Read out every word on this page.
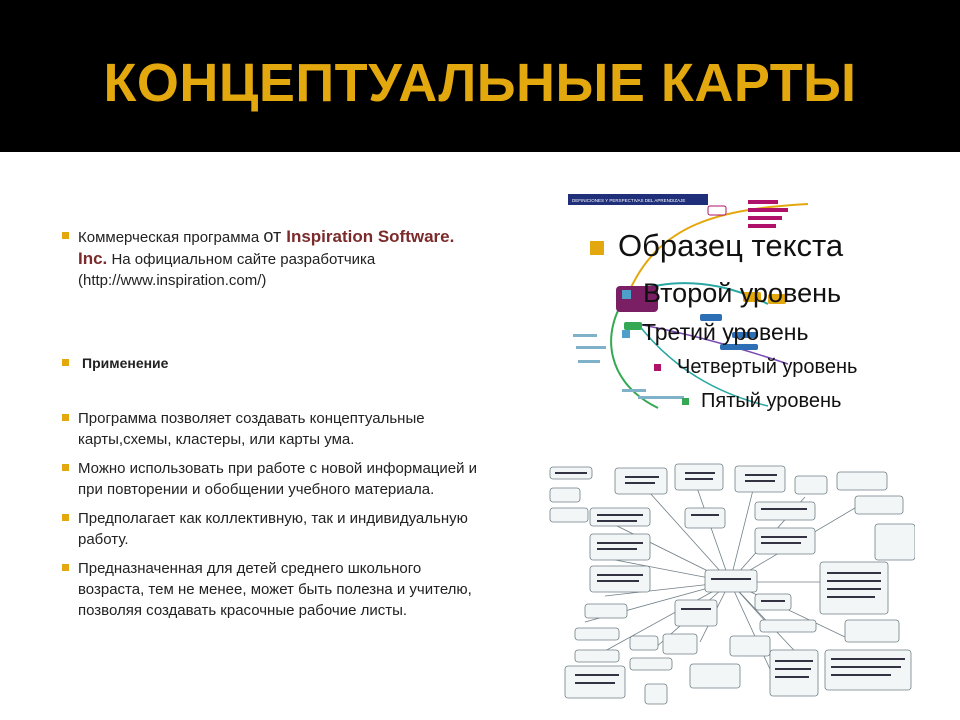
КОНЦЕПТУАЛЬНЫЕ КАРТЫ
Коммерческая программа от Inspiration Software. Inc. На официальном сайте разработчика (http://www.inspiration.com/)
Применение
Программа позволяет создавать концептуальные карты,схемы, кластеры, или карты ума.
Можно использовать при работе с новой информацией и при повторении и обобщении учебного материала.
Предполагает как коллективную, так и индивидуальную работу.
Предназначенная для детей среднего школьного возраста, тем не менее, может быть полезна и учителю, позволяя создавать красочные рабочие листы.
DEFINICIONES Y PERSPECTIVAS DEL APRENDIZAJE
Образец текста
Второй уровень
Третий уровень
Четвертый уровень
Пятый уровень
